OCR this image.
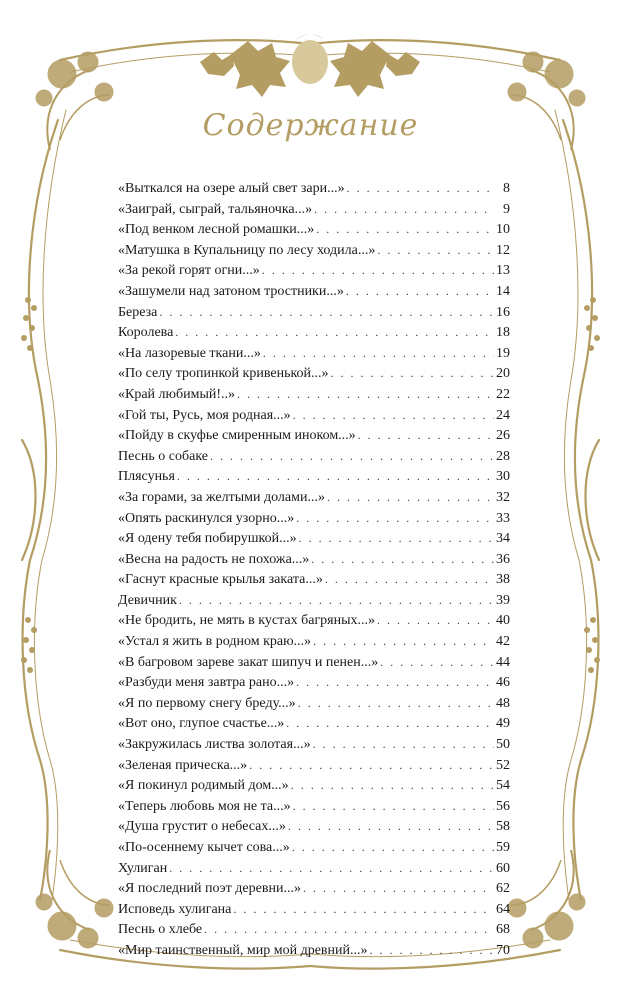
Содержание
«Выткался на озере алый свет зари...» . . .	8
«Заиграй, сыграй, тальяночка...» . . .	9
«Под венком лесной ромашки...» . . .	10
«Матушка в Купальницу по лесу ходила...» . . .	12
«За рекой горят огни...» . . .	13
«Зашумели над затоном тростники...» . . .	14
Береза . . .	16
Королева . . .	18
«На лазоревые ткани...» . . .	19
«По селу тропинкой кривенькой...» . . .	20
«Край любимый!..» . . .	22
«Гой ты, Русь, моя родная...» . . .	24
«Пойду в скуфье смиренным иноком...» . . .	26
Песнь о собаке . . .	28
Плясунья . . .	30
«За горами, за желтыми долами...» . . .	32
«Опять раскинулся узорно...» . . .	33
«Я одену тебя побирушкой...» . . .	34
«Весна на радость не похожа...» . . .	36
«Гаснут красные крылья заката...» . . .	38
Девичник . . .	39
«Не бродить, не мять в кустах багряных...» . . .	40
«Устал я жить в родном краю...» . . .	42
«В багровом зареве закат шипуч и пенен...» . . .	44
«Разбуди меня завтра рано...» . . .	46
«Я по первому снегу бреду...» . . .	48
«Вот оно, глупое счастье...» . . .	49
«Закружилась листва золотая...» . . .	50
«Зеленая прическа...» . . .	52
«Я покинул родимый дом...» . . .	54
«Теперь любовь моя не та...» . . .	56
«Душа грустит о небесах...» . . .	58
«По-осеннему кычет сова...» . . .	59
Хулиган . . .	60
«Я последний поэт деревни...» . . .	62
Исповедь хулигана . . .	64
Песнь о хлебе . . .	68
«Мир таинственный, мир мой древний...» . . .	70
